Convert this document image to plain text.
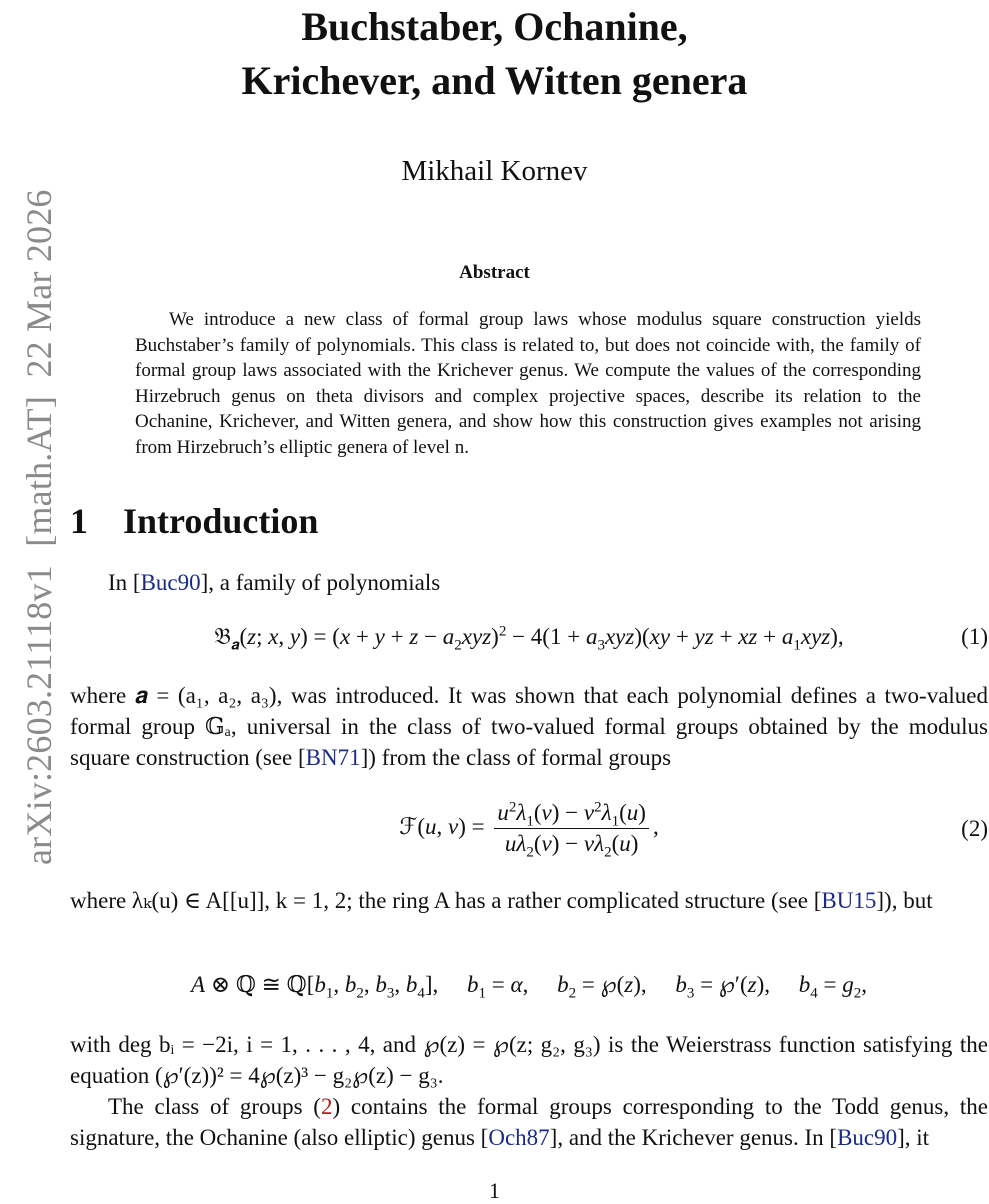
arXiv:2603.21118v1  [math.AT]  22 Mar 2026
Buchstaber, Ochanine,
Krichever, and Witten genera
Mikhail Kornev
Abstract
We introduce a new class of formal group laws whose modulus square construction yields Buchstaber’s family of polynomials. This class is related to, but does not coincide with, the family of formal group laws associated with the Krichever genus. We compute the values of the corresponding Hirzebruch genus on theta divisors and complex projective spaces, describe its relation to the Ochanine, Krichever, and Witten genera, and show how this construction gives examples not arising from Hirzebruch’s elliptic genera of level n.
1 Introduction

In [Buc90], a family of polynomials

𝔅$_𝒂$(z; x, $y) = (x + y + z - a_2xyz)^2 - 4(1 + a_3xyz)(xy$ + yz + xz + $a_1xyz$),	(1)

where 𝒂 = (a₁, a₂, a₃), was introduced. It was shown that each polynomial defines a two-valued formal group 𝔾ₐ, universal in the class of two-valued formal groups obtained by the modulus square construction (see [BN71]) from the class of formal groups

ℱ(u, $v) = \frac{u^2\lambda_1(v) - v^2\lambda_1(u)}{u\lambda_2(v) - v\lambda_2(u)}$ ,	(2)

where λₖ(u) ∈ A[[u]], k = 1, 2; the ring A has a rather complicated structure (see [BU15]), but

A ⊗ ℚ ≅ $ℚ[b_1$, $b_2$, $b_3$, $b_4$],     $b_1 = \alpha$,     $b_2$ = ℘(z),     $b_3$ = ℘′(z),     $b_4 = g_2$,

with deg bᵢ = −2i, i = 1, . . . , 4, and ℘(z) = ℘(z; g₂, g₃) is the Weierstrass function satisfying the equation (℘′(z))² = 4℘(z)³ − g₂℘(z) − g₃.

The class of groups (2) contains the formal groups corresponding to the Todd genus, the signature, the Ochanine (also elliptic) genus [Och87], and the Krichever genus. In [Buc90], it

1
